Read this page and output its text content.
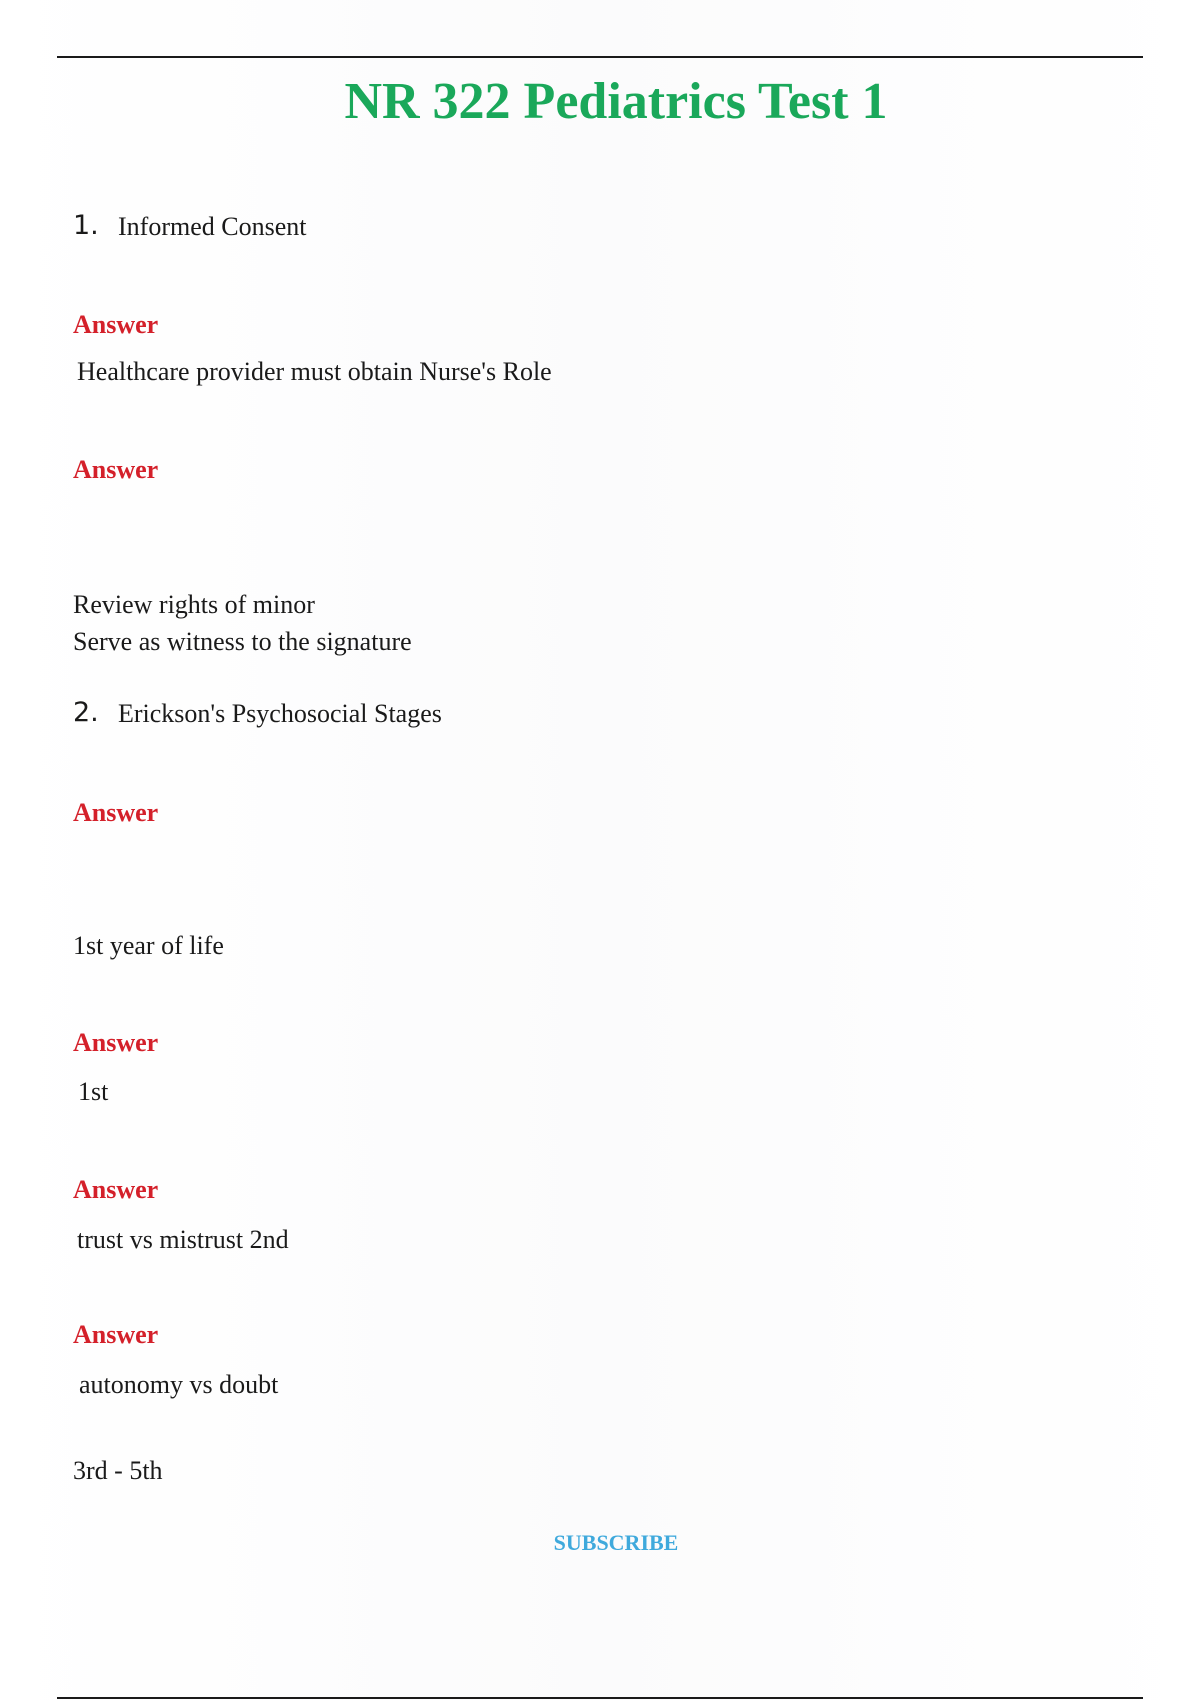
NR 322 Pediatrics Test 1
1. Informed Consent
Answer
Healthcare provider must obtain Nurse's Role
Answer
Review rights of minor
Serve as witness to the signature
2. Erickson's Psychosocial Stages
Answer
1st year of life
Answer
1st
Answer
trust vs mistrust 2nd
Answer
autonomy vs doubt
3rd - 5th
SUBSCRIBE
